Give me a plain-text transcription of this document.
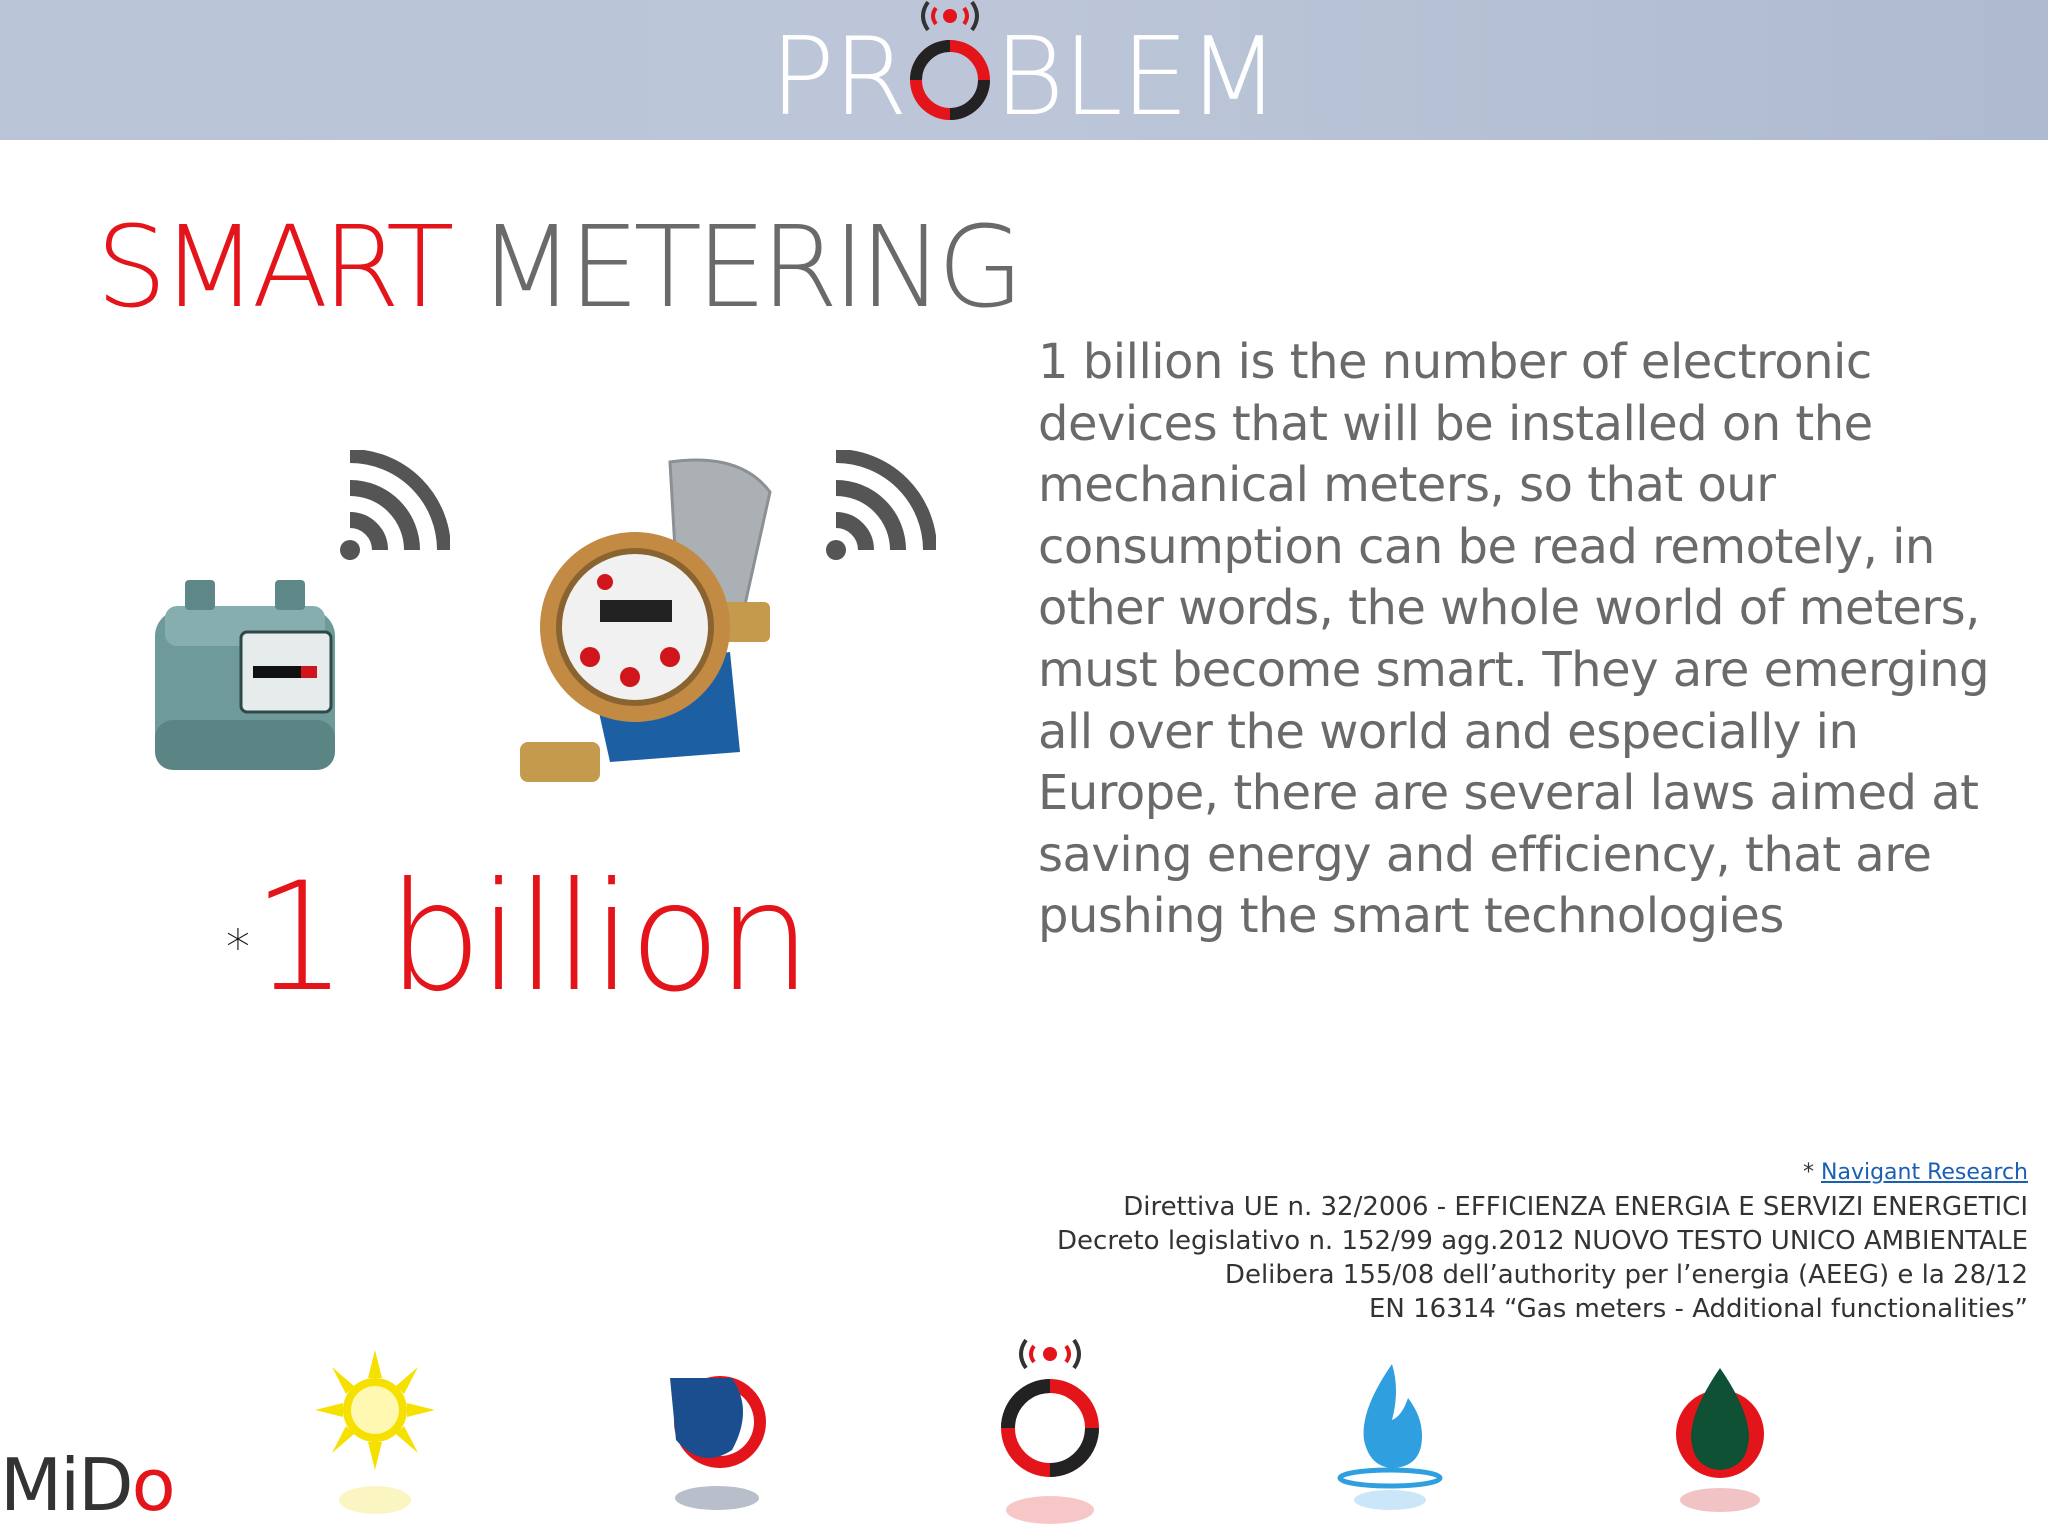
PR BLEM
SMART METERING
1 billion is the number of electronic devices that will be installed on the mechanical meters, so that our consumption can be read remotely, in other words, the whole world of meters, must become smart. They are emerging all over the world and especially in Europe, there are several laws aimed at saving energy and efficiency, that are pushing the smart technologies
*1 billion
* Navigant Research
Direttiva UE n. 32/2006 - EFFICIENZA ENERGIA E SERVIZI ENERGETICI
Decreto legislativo n. 152/99 agg.2012 NUOVO TESTO UNICO AMBIENTALE
Delibera 155/08 dell’authority per l’energia (AEEG) e la 28/12
EN 16314 “Gas meters - Additional functionalities”
MiDo
